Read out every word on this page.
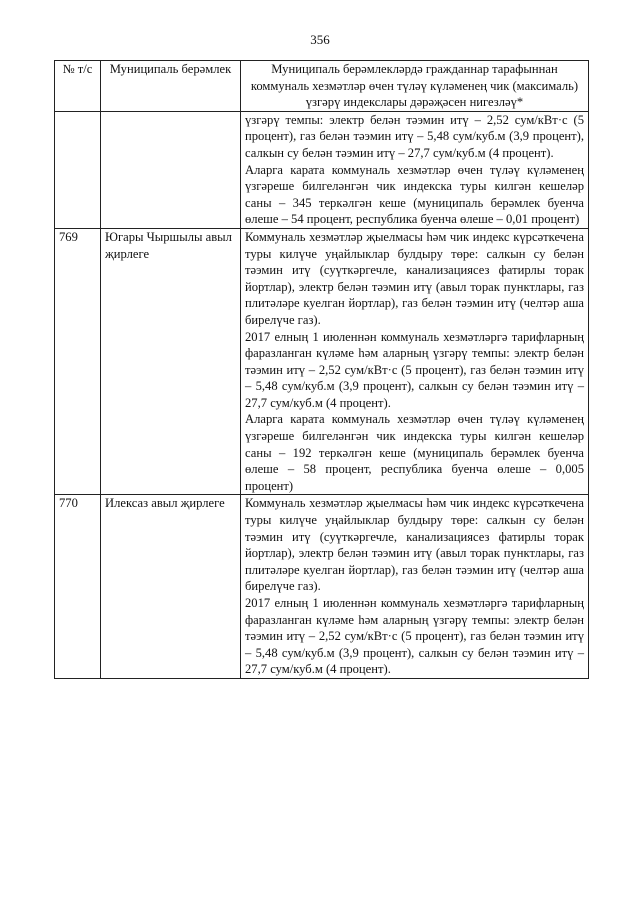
356
№ т/с	Муниципаль берәмлек	Муниципаль берәмлекләрдә гражданнар тарафыннан коммуналь хезмәтләр өчен түләү күләменең чик (максималь) үзгәрү индекслары дәрәҗәсен нигезләү*

		үзгәрү темпы: электр белән тәэмин итү – 2,52 сум/кВт·с (5 процент), газ белән тәэмин итү – 5,48 сум/куб.м (3,9 процент), салкын су белән тәэмин итү – 27,7 сум/куб.м (4 процент).
Аларга карата коммуналь хезмәтләр өчен түләү күләменең үзгәреше билгеләнгән чик индекска туры килгән кешеләр саны – 345 теркәлгән кеше (муниципаль берәмлек буенча өлеше – 54 процент, республика буенча өлеше – 0,01 процент)

769	Югары Чыршылы авыл җирлеге	Коммуналь хезмәтләр җыелмасы һәм чик индекс күрсәткечена туры килүче уңайлыклар булдыру төре: салкын су белән тәэмин итү (суүткәргечле, канализациясез фатирлы торак йортлар), электр белән тәэмин итү (авыл торак пунктлары, газ плитәләре куелган йортлар), газ белән тәэмин итү (челтәр аша бирелүче газ).
2017 елның 1 июленнән коммуналь хезмәтләргә тарифларның фаразланган күләме һәм аларның үзгәрү темпы: электр белән тәэмин итү – 2,52 сум/кВт·с (5 процент), газ белән тәэмин итү – 5,48 сум/куб.м (3,9 процент), салкын су белән тәэмин итү – 27,7 сум/куб.м (4 процент).
Аларга карата коммуналь хезмәтләр өчен түләү күләменең үзгәреше билгеләнгән чик индекска туры килгән кешеләр саны – 192 теркәлгән кеше (муниципаль берәмлек буенча өлеше – 58 процент, республика буенча өлеше – 0,005 процент)

770	Илексаз авыл җирлеге	Коммуналь хезмәтләр җыелмасы һәм чик индекс күрсәткечена туры килүче уңайлыклар булдыру төре: салкын су белән тәэмин итү (суүткәргечле, канализациясез фатирлы торак йортлар), электр белән тәэмин итү (авыл торак пунктлары, газ плитәләре куелган йортлар), газ белән тәэмин итү (челтәр аша бирелүче газ).
2017 елның 1 июленнән коммуналь хезмәтләргә тарифларның фаразланган күләме һәм аларның үзгәрү темпы: электр белән тәэмин итү – 2,52 сум/кВт·с (5 процент), газ белән тәэмин итү – 5,48 сум/куб.м (3,9 процент), салкын су белән тәэмин итү – 27,7 сум/куб.м (4 процент).
